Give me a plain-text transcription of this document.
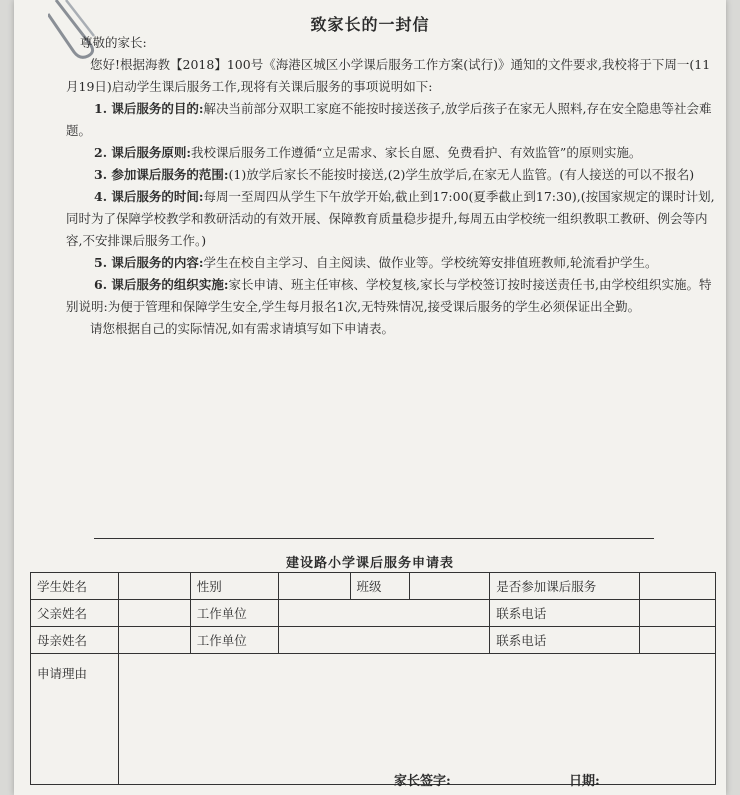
致家长的一封信

尊敬的家长:

您好!根据海教【2018】100号《海港区城区小学课后服务工作方案(试行)》通知的文件要求,我校将于下周一(11月19日)启动学生课后服务工作,现将有关课后服务的事项说明如下:

1. 课后服务的目的:解决当前部分双职工家庭不能按时接送孩子,放学后孩子在家无人照料,存在安全隐患等社会难题。

2. 课后服务原则:我校课后服务工作遵循“立足需求、家长自愿、免费看护、有效监管”的原则实施。

3. 参加课后服务的范围:(1)放学后家长不能按时接送,(2)学生放学后,在家无人监管。(有人接送的可以不报名)

4. 课后服务的时间:每周一至周四从学生下午放学开始,截止到17:00(夏季截止到17:30),(按国家规定的课时计划,同时为了保障学校教学和教研活动的有效开展、保障教育质量稳步提升,每周五由学校统一组织教职工教研、例会等内容,不安排课后服务工作。)

5. 课后服务的内容:学生在校自主学习、自主阅读、做作业等。学校统筹安排值班教师,轮流看护学生。

6. 课后服务的组织实施:家长申请、班主任审核、学校复核,家长与学校签订按时接送责任书,由学校组织实施。特别说明:为便于管理和保障学生安全,学生每月报名1次,无特殊情况,接受课后服务的学生必须保证出全勤。

请您根据自己的实际情况,如有需求请填写如下申请表。

建设路小学课后服务申请表
学生姓名		性别		班级		是否参加课后服务	
父亲姓名		工作单位				联系电话	
母亲姓名		工作单位				联系电话	
申请理由							
家长签字:	日期:
